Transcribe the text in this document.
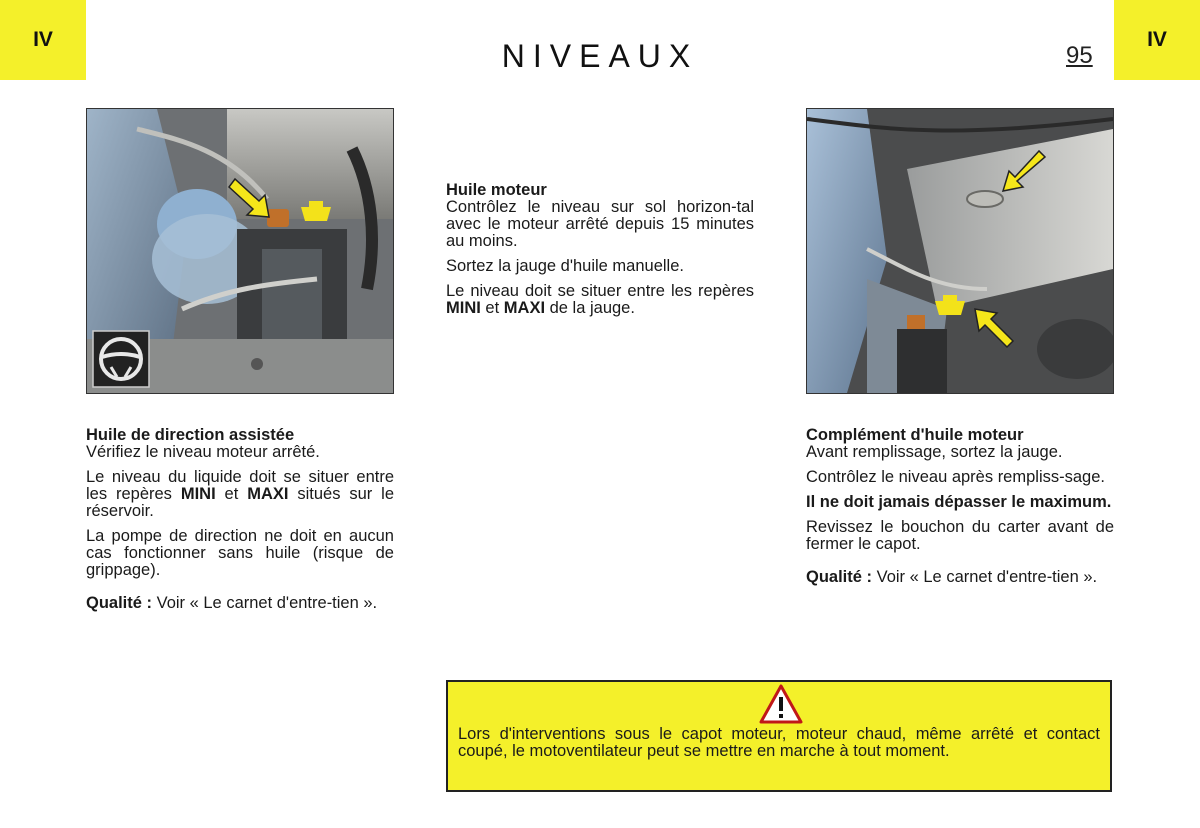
IV	IV
NIVEAUX	95
Huile de direction assistée

Vérifiez le niveau moteur arrêté.

Le niveau du liquide doit se situer entre les repères MINI et MAXI situés sur le réservoir.

La pompe de direction ne doit en aucun cas fonctionner sans huile (risque de grippage).

Qualité : Voir « Le carnet d'entre-tien ».

Huile moteur

Contrôlez le niveau sur sol horizon-tal avec le moteur arrêté depuis 15 minutes au moins.

Sortez la jauge d'huile manuelle.

Le niveau doit se situer entre les repères MINI et MAXI de la jauge.

Complément d'huile moteur

Avant remplissage, sortez la jauge.

Contrôlez le niveau après rempliss-sage.

Il ne doit jamais dépasser le maximum.

Revissez le bouchon du carter avant de fermer le capot.

Qualité : Voir « Le carnet d'entre-tien ».

Lors d'interventions sous le capot moteur, moteur chaud, même arrêté et contact coupé, le motoventilateur peut se mettre en marche à tout moment.
